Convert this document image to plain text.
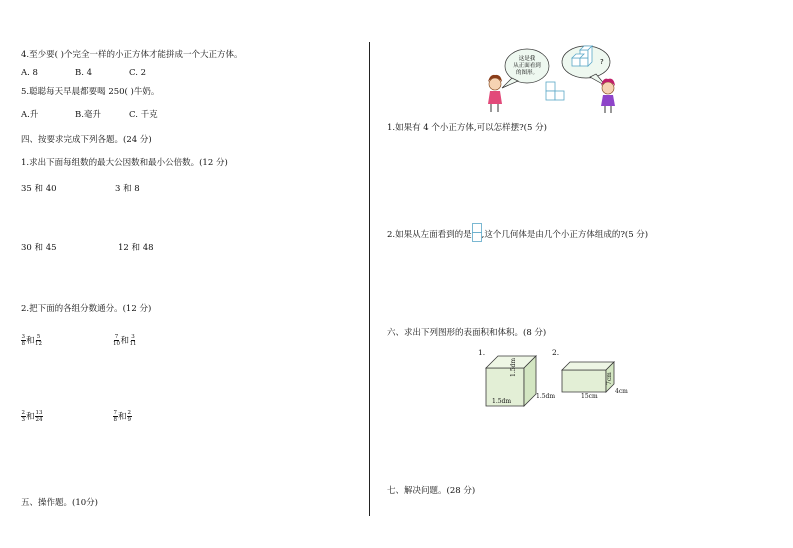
4.至少要( )个完全一样的小正方体才能拼成一个大正方体。
A. 8	B. 4	C. 2
5.聪聪每天早晨都要喝 250( )牛奶。
A.升	B.毫升	C. 千克
四、按要求完成下列各题。(24 分)
1.求出下面每组数的最大公因数和最小公倍数。(12 分)
35 和 40	3 和 8
30 和 45	12 和 48
2.把下面的各组分数通分。(12 分)
$\frac{3}{8}$ 和 $\frac{5}{12}$	$\frac{7}{10}$ 和 $\frac{3}{11}$
$\frac{2}{3}$ 和 $\frac{13}{24}$	$\frac{7}{8}$ 和 $\frac{2}{9}$
五、操作题。(10分)
这是我
从正面看到
的图形。
?
1.如果有 4 个小正方体,可以怎样摆?(5 分)
2.如果从左面看到的是 ,这个几何体是由几个小正方体组成的?(5 分)
六、求出下列图形的表面积和体积。(8 分)
1.
1.5dm
1.5dm
1.5dm
2.
7cm
15cm
4cm
七、解决问题。(28 分)
